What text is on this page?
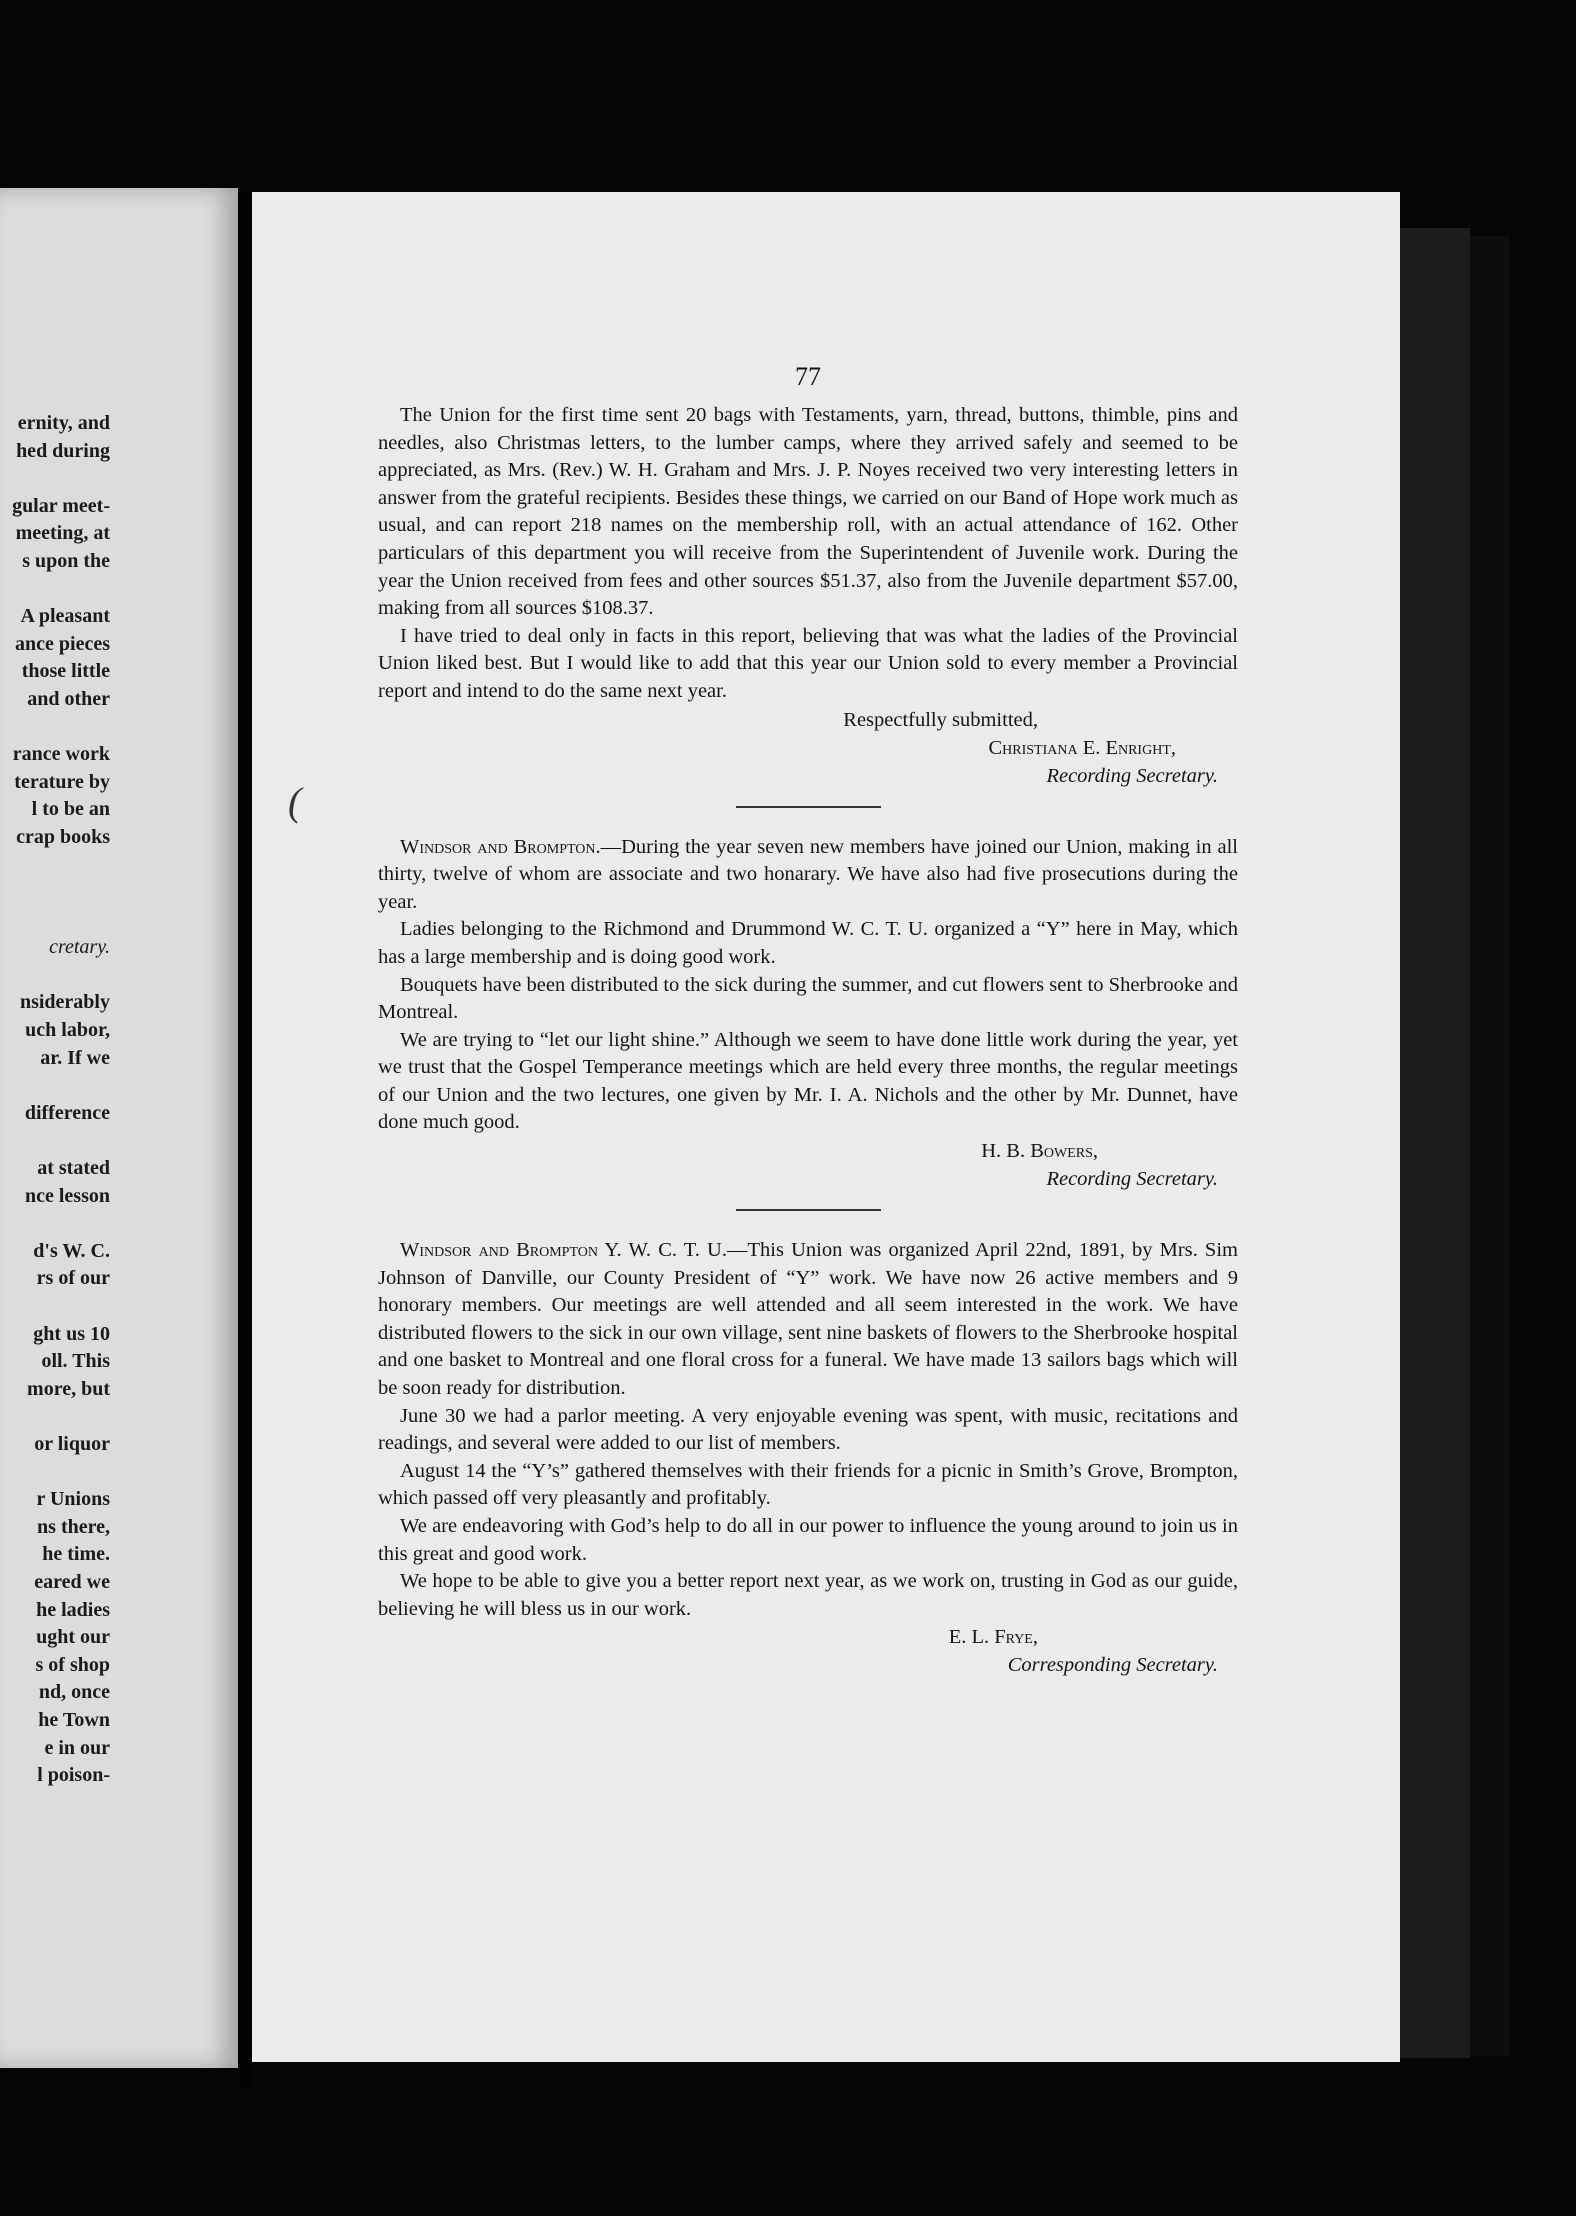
ernity, and
hed during

gular meet-
meeting, at
s upon the

A pleasant
ance pieces
those little
and other

rance work
terature by
l to be an
crap books

cretary.

nsiderably
uch labor,
ar. If we

difference

at stated
nce lesson

d's W. C.
rs of our

ght us 10
oll. This
more, but

or liquor

r Unions
ns there,
he time.
eared we
he ladies
ught our
s of shop
nd, once
he Town
e in our
l poison-
77

The Union for the first time sent 20 bags with Testaments, yarn, thread, buttons, thimble, pins and needles, also Christmas letters, to the lumber camps, where they arrived safely and seemed to be appreciated, as Mrs. (Rev.) W. H. Graham and Mrs. J. P. Noyes received two very interesting letters in answer from the grateful recipients. Besides these things, we carried on our Band of Hope work much as usual, and can report 218 names on the membership roll, with an actual attendance of 162. Other particulars of this department you will receive from the Superintendent of Juvenile work. During the year the Union received from fees and other sources $51.37, also from the Juvenile department $57.00, making from all sources $108.37.

I have tried to deal only in facts in this report, believing that was what the ladies of the Provincial Union liked best. But I would like to add that this year our Union sold to every member a Provincial report and intend to do the same next year.

Respectfully submitted,
Christiana E. Enright,
Recording Secretary.

Windsor and Brompton.—During the year seven new members have joined our Union, making in all thirty, twelve of whom are associate and two honarary. We have also had five prosecutions during the year.

Ladies belonging to the Richmond and Drummond W. C. T. U. organized a “Y” here in May, which has a large membership and is doing good work.

Bouquets have been distributed to the sick during the summer, and cut flowers sent to Sherbrooke and Montreal.

We are trying to “let our light shine.” Although we seem to have done little work during the year, yet we trust that the Gospel Temperance meetings which are held every three months, the regular meetings of our Union and the two lectures, one given by Mr. I. A. Nichols and the other by Mr. Dunnet, have done much good.

H. B. Bowers,
Recording Secretary.

Windsor and Brompton Y. W. C. T. U.—This Union was organized April 22nd, 1891, by Mrs. Sim Johnson of Danville, our County President of “Y” work. We have now 26 active members and 9 honorary members. Our meetings are well attended and all seem interested in the work. We have distributed flowers to the sick in our own village, sent nine baskets of flowers to the Sherbrooke hospital and one basket to Montreal and one floral cross for a funeral. We have made 13 sailors bags which will be soon ready for distribution.

June 30 we had a parlor meeting. A very enjoyable evening was spent, with music, recitations and readings, and several were added to our list of members.

August 14 the “Y’s” gathered themselves with their friends for a picnic in Smith’s Grove, Brompton, which passed off very pleasantly and profitably.

We are endeavoring with God’s help to do all in our power to influence the young around to join us in this great and good work.

We hope to be able to give you a better report next year, as we work on, trusting in God as our guide, believing he will bless us in our work.

E. L. Frye,
Corresponding Secretary.
(
